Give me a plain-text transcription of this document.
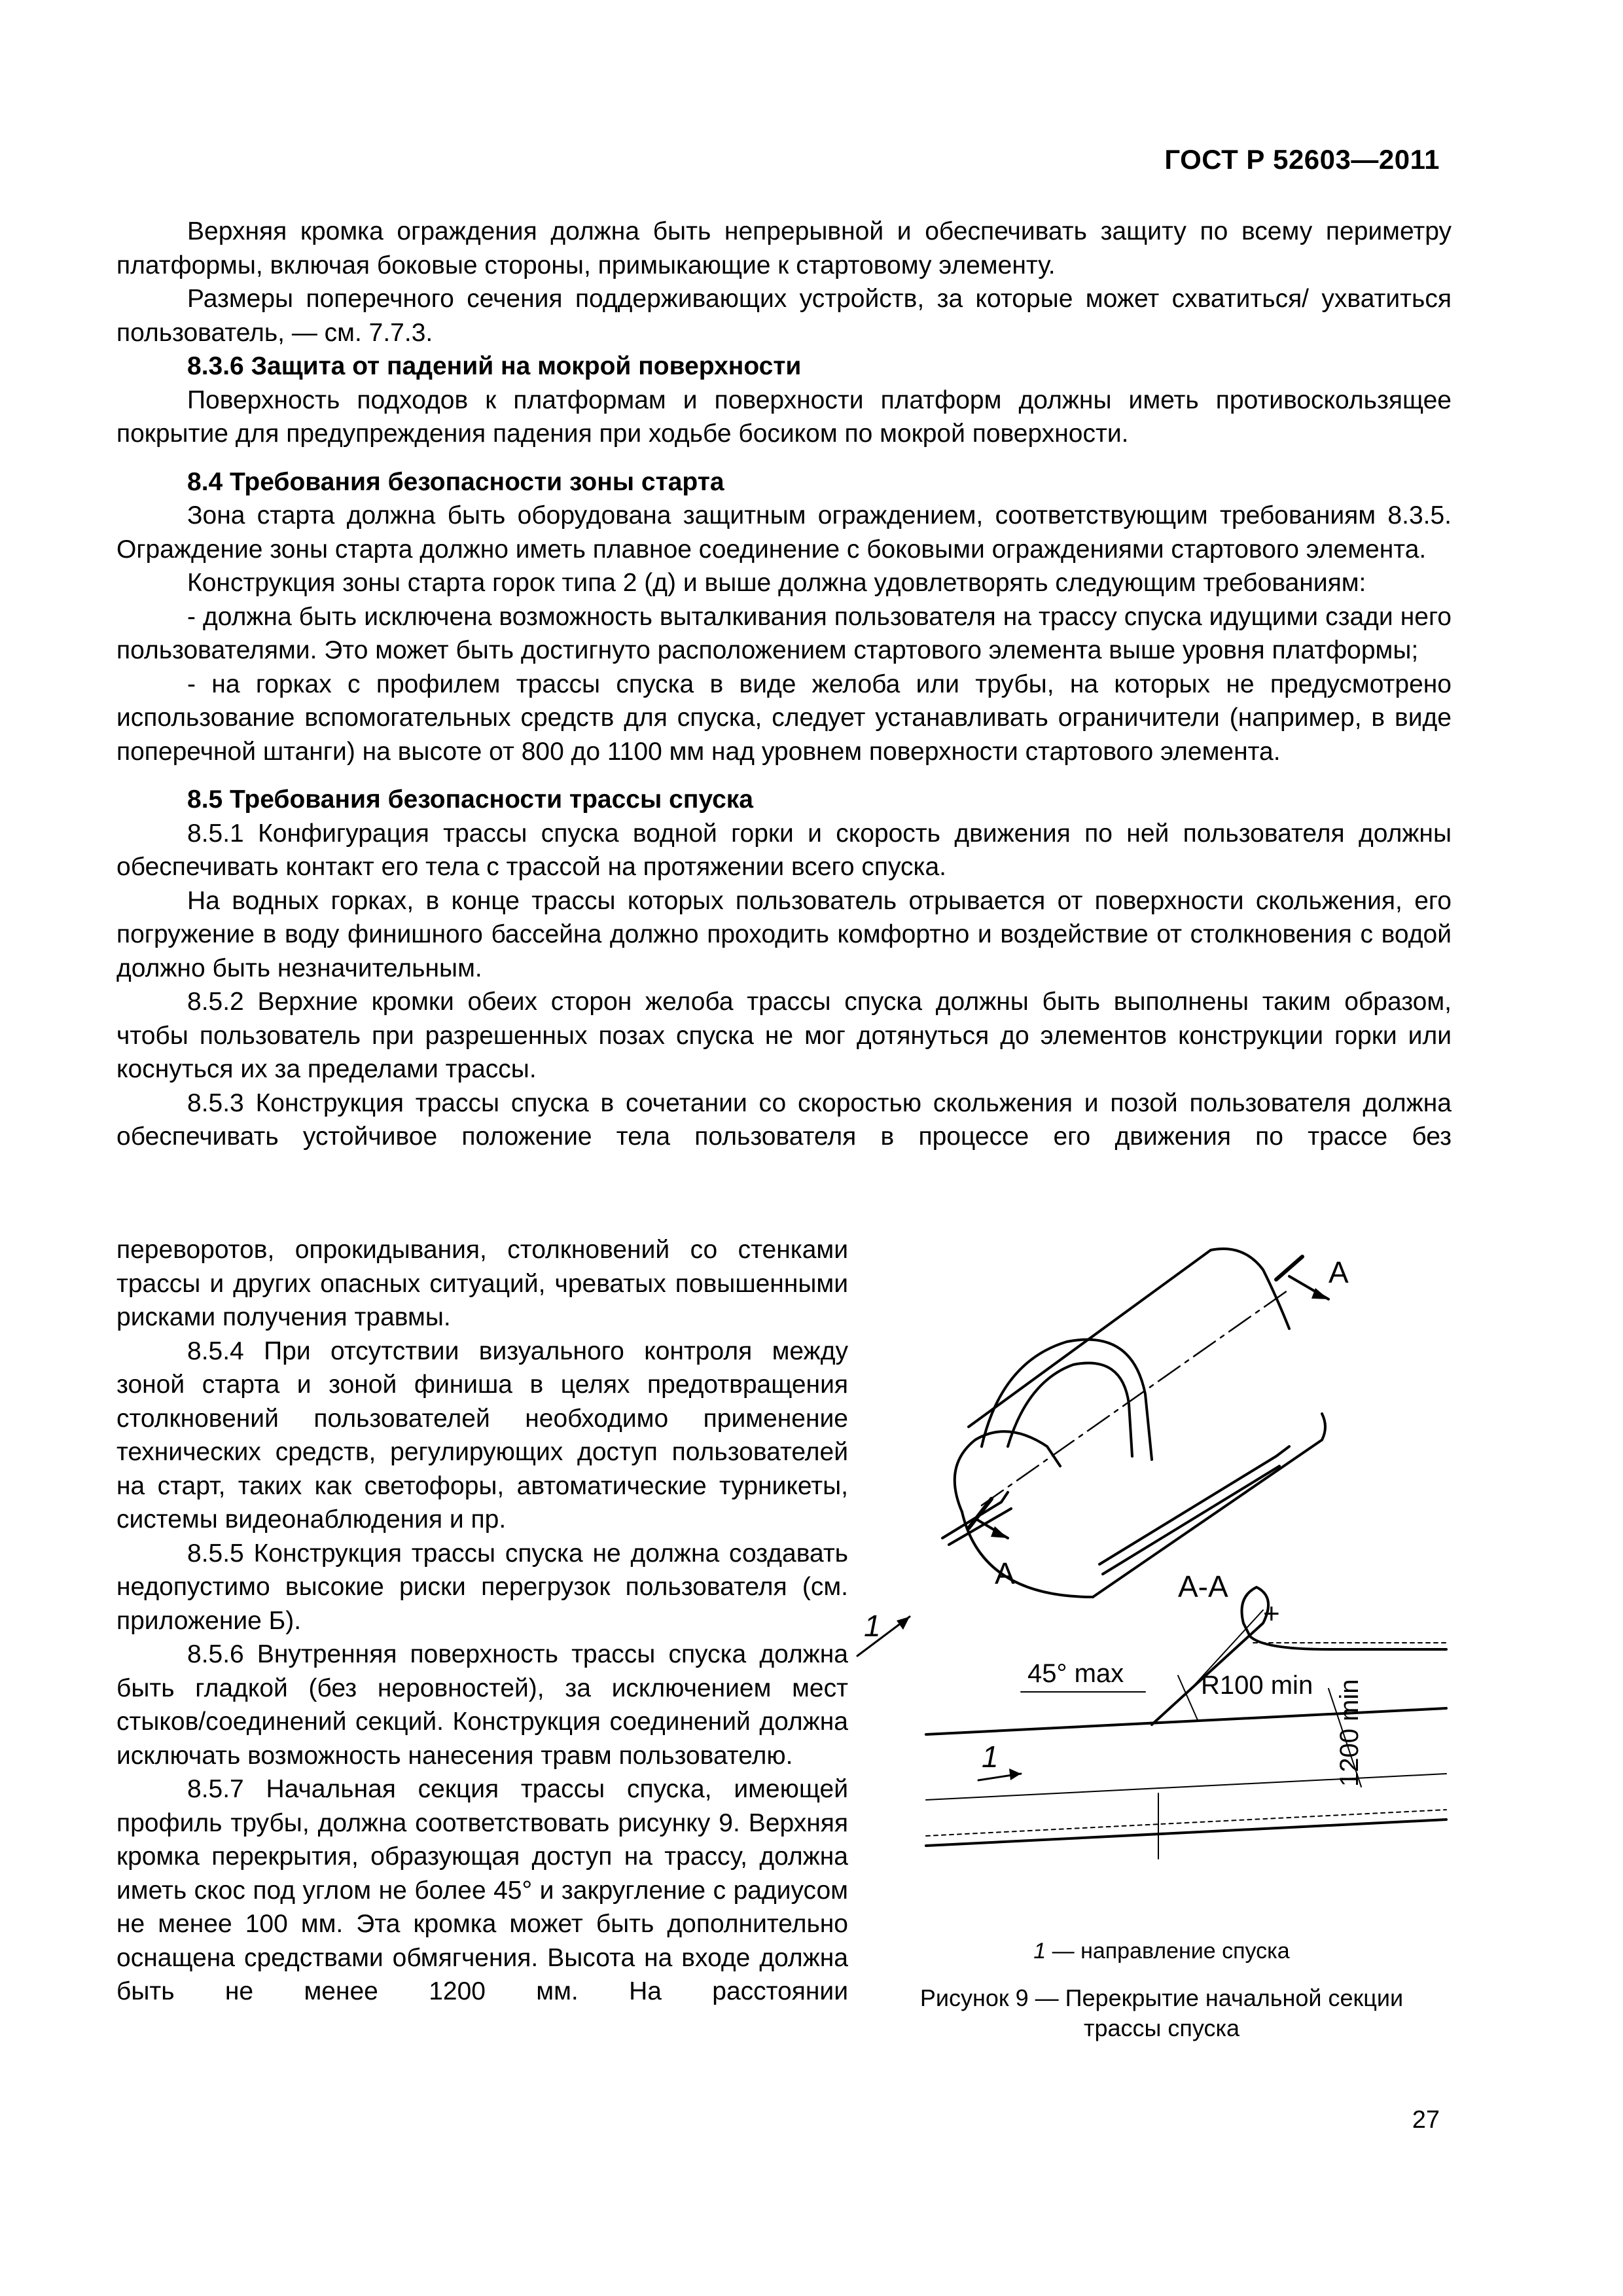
ГОСТ Р 52603—2011

Верхняя кромка ограждения должна быть непрерывной и обеспечивать защиту по всему периметру платформы, включая боковые стороны, примыкающие к стартовому элементу.

Размеры поперечного сечения поддерживающих устройств, за которые может схватиться/ ухватиться пользователь, — см. 7.7.3.

8.3.6 Защита от падений на мокрой поверхности

Поверхность подходов к платформам и поверхности платформ должны иметь противоскользящее покрытие для предупреждения падения при ходьбе босиком по мокрой поверхности.

8.4 Требования безопасности зоны старта

Зона старта должна быть оборудована защитным ограждением, соответствующим требованиям 8.3.5. Ограждение зоны старта должно иметь плавное соединение с боковыми ограждениями стартового элемента.

Конструкция зоны старта горок типа 2 (д) и выше должна удовлетворять следующим требованиям:

- должна быть исключена возможность выталкивания пользователя на трассу спуска идущими сзади него пользователями. Это может быть достигнуто расположением стартового элемента выше уровня платформы;

- на горках с профилем трассы спуска в виде желоба или трубы, на которых не предусмотрено использование вспомогательных средств для спуска, следует устанавливать ограничители (например, в виде поперечной штанги) на высоте от 800 до 1100 мм над уровнем поверхности стартового элемента.

8.5 Требования безопасности трассы спуска

8.5.1 Конфигурация трассы спуска водной горки и скорость движения по ней пользователя должны обеспечивать контакт его тела с трассой на протяжении всего спуска.

На водных горках, в конце трассы которых пользователь отрывается от поверхности скольжения, его погружение в воду финишного бассейна должно проходить комфортно и воздействие от столкновения с водой должно быть незначительным.

8.5.2 Верхние кромки обеих сторон желоба трассы спуска должны быть выполнены таким образом, чтобы пользователь при разрешенных позах спуска не мог дотянуться до элементов конструкции горки или коснуться их за пределами трассы.

8.5.3 Конструкция трассы спуска в сочетании со скоростью скольжения и позой пользователя должна обеспечивать устойчивое положение тела пользователя в процессе его движения по трассе без

переворотов, опрокидывания, столкновений со стенками трассы и других опасных ситуаций, чреватых повышенными рисками получения травмы.

8.5.4 При отсутствии визуального контроля между зоной старта и зоной финиша в целях предотвращения столкновений пользователей необходимо применение технических средств, регулирующих доступ пользователей на старт, таких как светофоры, автоматические турникеты, системы видеонаблюдения и пр.

8.5.5 Конструкция трассы спуска не должна создавать недопустимо высокие риски перегрузок пользователя (см. приложение Б).

8.5.6 Внутренняя поверхность трассы спуска должна быть гладкой (без неровностей), за исключением мест стыков/соединений секций. Конструкция соединений должна исключать возможность нанесения травм пользователю.

8.5.7 Начальная секция трассы спуска, имеющей профиль трубы, должна соответствовать рисунку 9. Верхняя кромка перекрытия, образующая доступ на трассу, должна иметь скос под углом не более 45° и закругление с радиусом не менее 100 мм. Эта кромка может быть дополнительно оснащена средствами обмягчения. Высота на входе должна быть не менее 1200 мм. На расстоянии

А
А	А-А
1
45° max	R100 min
+
1	1200 min
1 — направление спуска
Рисунок 9 — Перекрытие начальной секции
трассы спуска
27
